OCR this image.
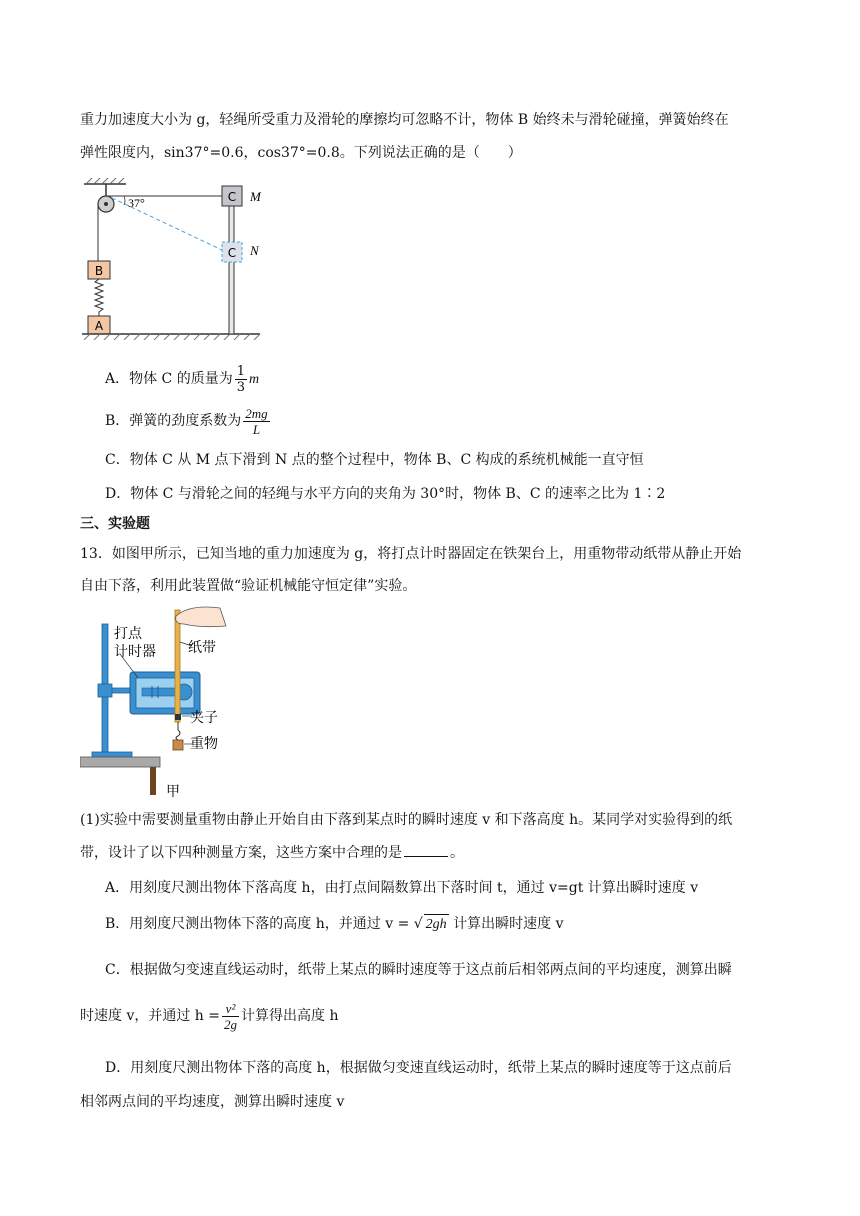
重力加速度大小为 g，轻绳所受重力及滑轮的摩擦均可忽略不计，物体 B 始终未与滑轮碰撞，弹簧始终在
弹性限度内，sin37°=0.6，cos37°=0.8。下列说法正确的是（　　）
37°
B
A
C M
C N
A．物体 C 的质量为 $\frac{1}{3}$ m
B．弹簧的劲度系数为 $\frac{2mg}{L}$
C．物体 C 从 M 点下滑到 N 点的整个过程中，物体 B、C 构成的系统机械能一直守恒
D．物体 C 与滑轮之间的轻绳与水平方向的夹角为 30°时，物体 B、C 的速率之比为 1∶2
三、实验题
13．如图甲所示，已知当地的重力加速度为 g，将打点计时器固定在铁架台上，用重物带动纸带从静止开始
自由下落，利用此装置做“验证机械能守恒定律”实验。
打点
计时器 纸带
夹子
重物
甲
(1)实验中需要测量重物由静止开始自由下落到某点时的瞬时速度 v 和下落高度 h。某同学对实验得到的纸
带，设计了以下四种测量方案，这些方案中合理的是	。
A．用刻度尺测出物体下落高度 h，由打点间隔数算出下落时间 t，通过 v=gt 计算出瞬时速度 v
B．用刻度尺测出物体下落的高度 h，并通过 v = √ 2gh 计算出瞬时速度 v
C．根据做匀变速直线运动时，纸带上某点的瞬时速度等于这点前后相邻两点间的平均速度，测算出瞬
时速度 v，并通过 $h = \frac{\text{v²}}{2g}$ 计算得出高度 h
D．用刻度尺测出物体下落的高度 h，根据做匀变速直线运动时，纸带上某点的瞬时速度等于这点前后
相邻两点间的平均速度，测算出瞬时速度 v
